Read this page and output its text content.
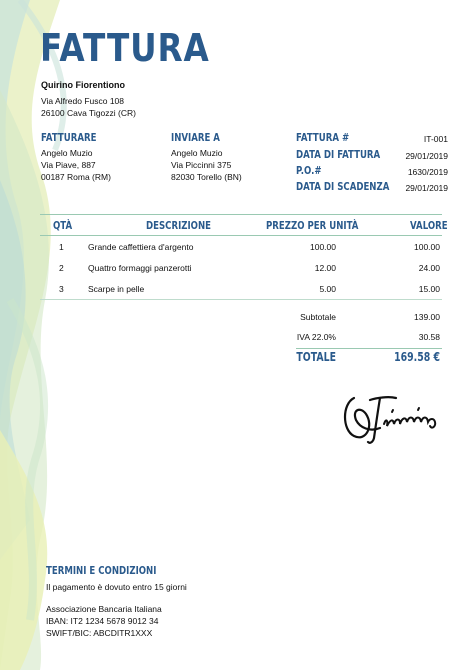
FATTURA
Quirino Fiorentiono
Via Alfredo Fusco 108
26100 Cava Tigozzi (CR)
FATTURARE
Angelo Muzio
Via Piave, 887
00187 Roma (RM)
INVIARE A
Angelo Muzio
Via Piccinni 375
82030 Torello (BN)
FATTURA #	IT-001
DATA DI FATTURA	29/01/2019
P.O.#	1630/2019
DATA DI SCADENZA	29/01/2019
QTÀ	DESCRIZIONE	PREZZO PER UNITÀ	VALORE
1	Grande caffettiera d'argento	100.00	100.00
2	Quattro formaggi panzerotti	12.00	24.00
3	Scarpe in pelle	5.00	15.00
Subtotale	139.00
IVA 22.0%	30.58
TOTALE	169.58 €
TERMINI E CONDIZIONI
Il pagamento è dovuto entro 15 giorni
Associazione Bancaria Italiana
IBAN: IT2 1234 5678 9012 34
SWIFT/BIC: ABCDITR1XXX
